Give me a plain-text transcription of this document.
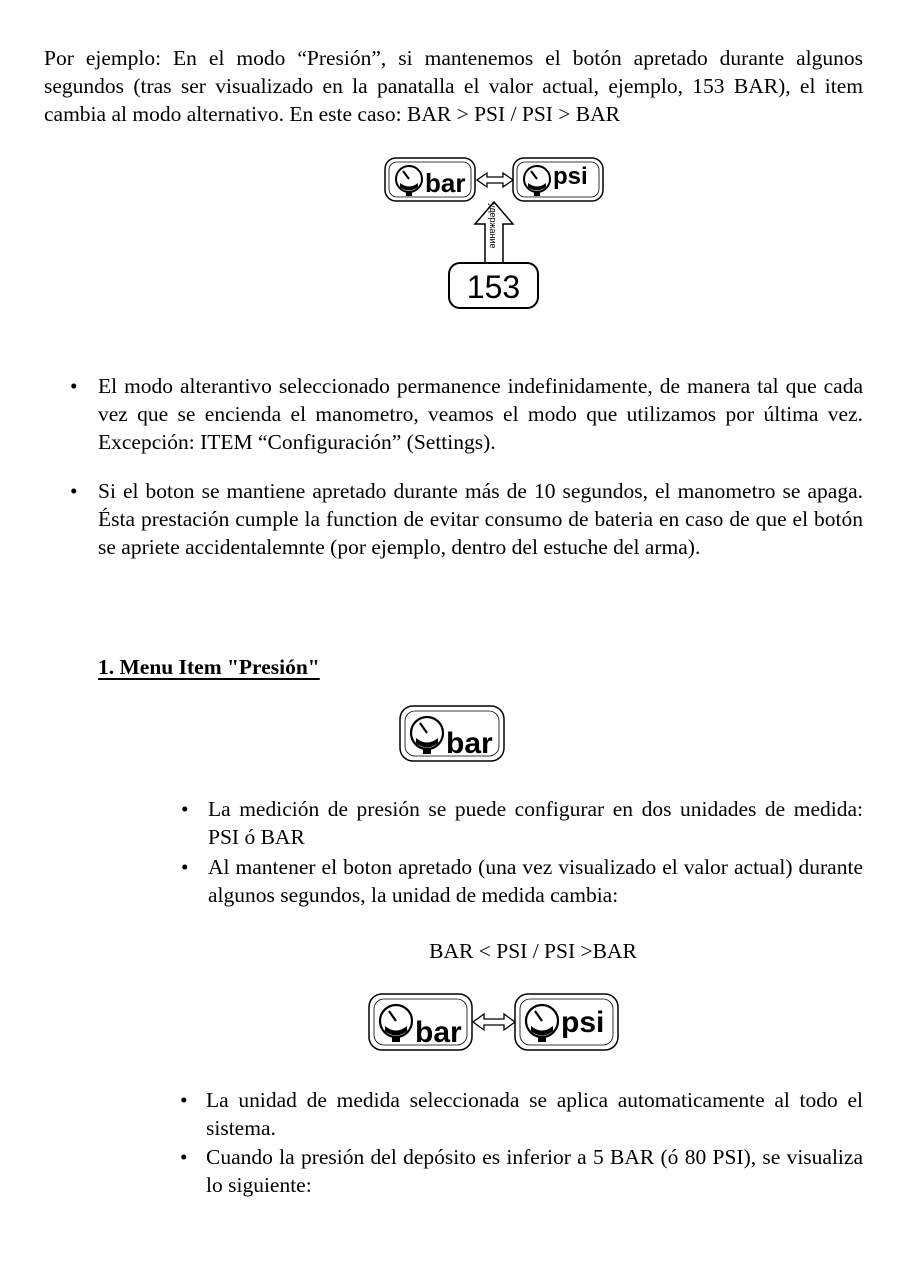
Por ejemplo: En el modo “Presión”, si mantenemos el botón apretado durante algunos segundos (tras ser visualizado en la panatalla el valor actual, ejemplo, 153 BAR), el item cambia al modo alternativo. En este caso: BAR > PSI / PSI > BAR
bar	psi
удержание
153
• El modo alterantivo seleccionado permanence indefinidamente, de manera tal que cada vez que se encienda el manometro, veamos el modo que utilizamos por última vez. Excepción: ITEM “Configuración” (Settings).
• Si el boton se mantiene apretado durante más de 10 segundos, el manometro se apaga. Ésta prestación cumple la function de evitar consumo de bateria en caso de que el botón se apriete accidentalemnte (por ejemplo, dentro del estuche del arma).
1. Menu Item "Presión"
bar
• La medición de presión se puede configurar en dos unidades de medida: PSI ó BAR
• Al mantener el boton apretado (una vez visualizado el valor actual) durante algunos segundos, la unidad de medida cambia:
BAR < PSI / PSI >BAR
bar	psi
• La unidad de medida seleccionada se aplica automaticamente al todo el sistema.
• Cuando la presión del depósito es inferior a 5 BAR (ó 80 PSI), se visualiza lo siguiente:
